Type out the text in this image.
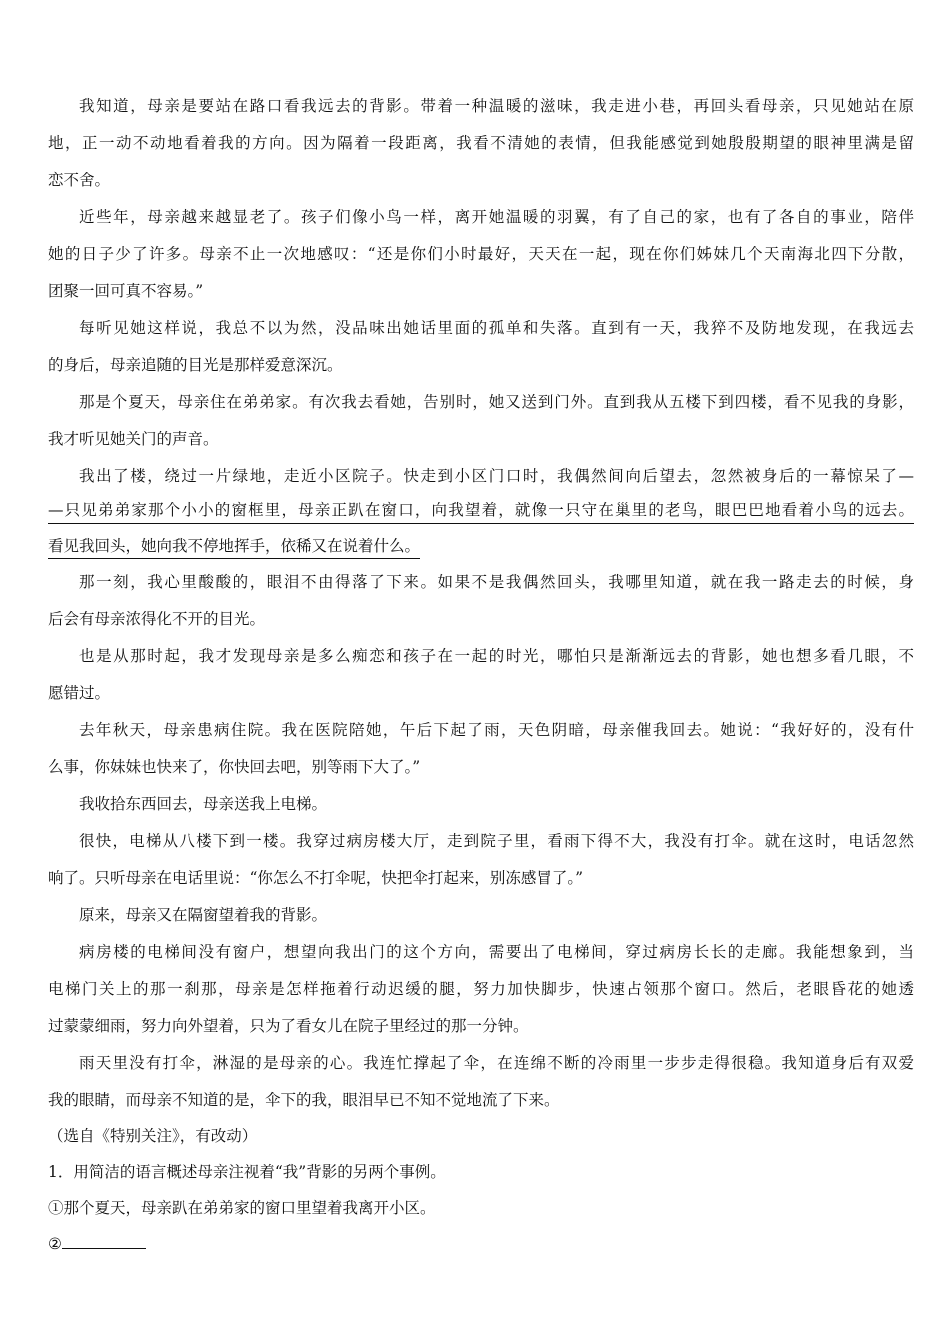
我知道，母亲是要站在路口看我远去的背影。带着一种温暖的滋味，我走进小巷，再回头看母亲，只见她站在原
地，正一动不动地看着我的方向。因为隔着一段距离，我看不清她的表情，但我能感觉到她殷殷期望的眼神里满是留
恋不舍。
近些年，母亲越来越显老了。孩子们像小鸟一样，离开她温暖的羽翼，有了自己的家，也有了各自的事业，陪伴
她的日子少了许多。母亲不止一次地感叹：“还是你们小时最好，天天在一起，现在你们姊妹几个天南海北四下分散，
团聚一回可真不容易。”
每听见她这样说，我总不以为然，没品味出她话里面的孤单和失落。直到有一天，我猝不及防地发现，在我远去
的身后，母亲追随的目光是那样爱意深沉。
那是个夏天，母亲住在弟弟家。有次我去看她，告别时，她又送到门外。直到我从五楼下到四楼，看不见我的身影，
我才听见她关门的声音。
我出了楼，绕过一片绿地，走近小区院子。快走到小区门口时，我偶然间向后望去，忽然被身后的一幕惊呆了—
—只见弟弟家那个小小的窗框里，母亲正趴在窗口，向我望着，就像一只守在巢里的老鸟，眼巴巴地看着小鸟的远去。
看见我回头，她向我不停地挥手，依稀又在说着什么。
那一刻，我心里酸酸的，眼泪不由得落了下来。如果不是我偶然回头，我哪里知道，就在我一路走去的时候，身
后会有母亲浓得化不开的目光。
也是从那时起，我才发现母亲是多么痴恋和孩子在一起的时光，哪怕只是渐渐远去的背影，她也想多看几眼，不
愿错过。
去年秋天，母亲患病住院。我在医院陪她，午后下起了雨，天色阴暗，母亲催我回去。她说：“我好好的，没有什
么事，你妹妹也快来了，你快回去吧，别等雨下大了。”
我收拾东西回去，母亲送我上电梯。
很快，电梯从八楼下到一楼。我穿过病房楼大厅，走到院子里，看雨下得不大，我没有打伞。就在这时，电话忽然
响了。只听母亲在电话里说：“你怎么不打伞呢，快把伞打起来，别冻感冒了。”
原来，母亲又在隔窗望着我的背影。
病房楼的电梯间没有窗户，想望向我出门的这个方向，需要出了电梯间，穿过病房长长的走廊。我能想象到，当
电梯门关上的那一刹那，母亲是怎样拖着行动迟缓的腿，努力加快脚步，快速占领那个窗口。然后，老眼昏花的她透
过蒙蒙细雨，努力向外望着，只为了看女儿在院子里经过的那一分钟。
雨天里没有打伞，淋湿的是母亲的心。我连忙撑起了伞，在连绵不断的冷雨里一步步走得很稳。我知道身后有双爱
我的眼睛，而母亲不知道的是，伞下的我，眼泪早已不知不觉地流了下来。
（选自《特别关注》，有改动）
1．用简洁的语言概述母亲注视着“我”背影的另两个事例。
①那个夏天，母亲趴在弟弟家的窗口里望着我离开小区。
②
